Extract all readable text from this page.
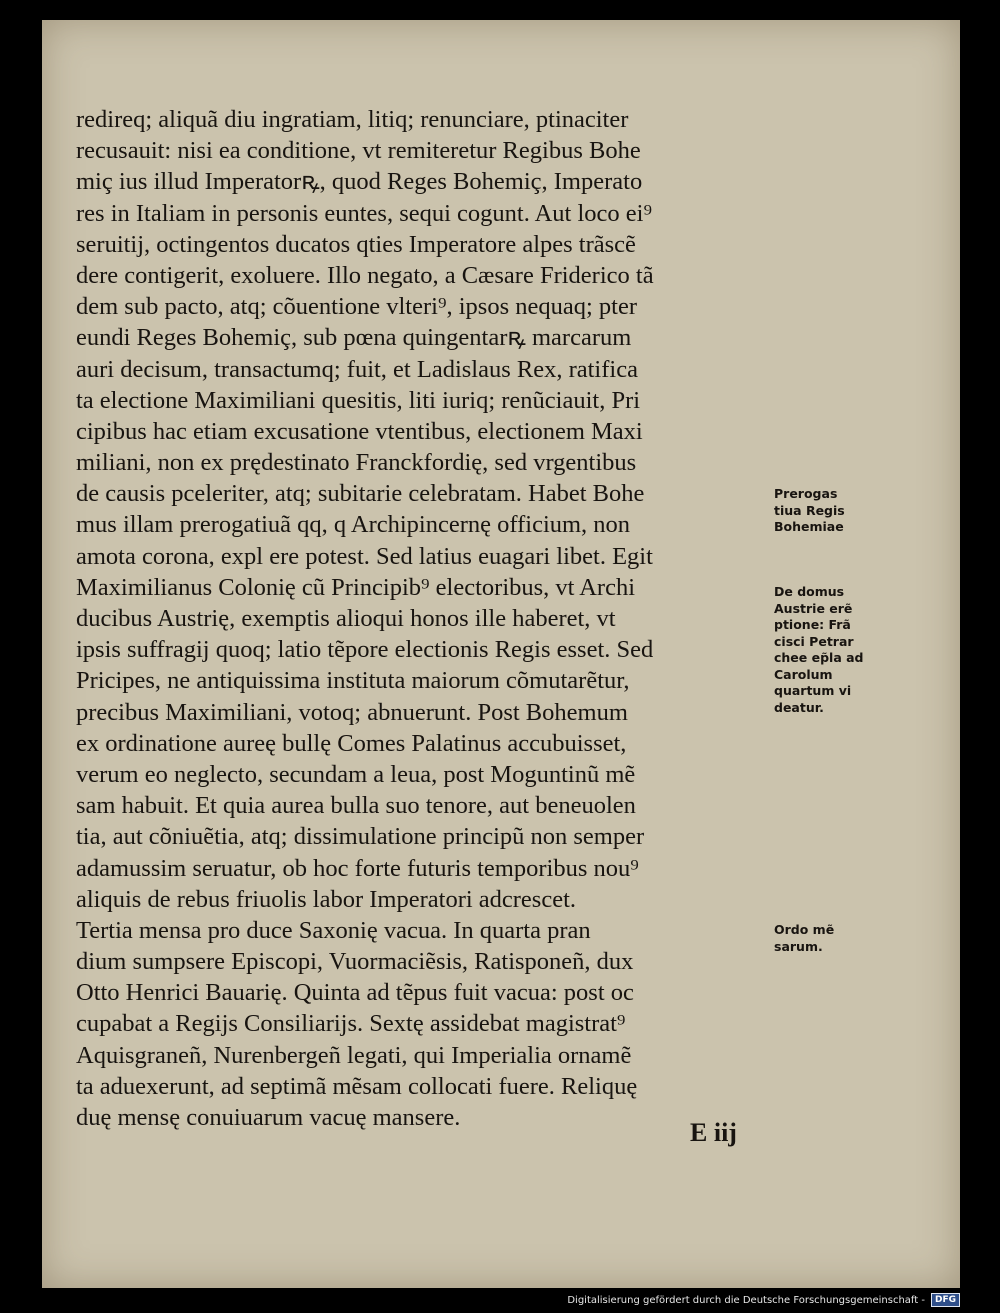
redireq; aliquã diu ingratiam, litiq; renunciare, ptinaciter
recusauit: nisi ea conditione, vt remiteretur Regibus Bohe
miç ius illud Imperatorꝶ, quod Reges Bohemiç, Imperato
res in Italiam in personis euntes, sequi cogunt. Aut loco ei⁹
seruitij, octingentos ducatos qties Imperatore alpes trãscẽ
dere contigerit, exoluere. Illo negato, a Cæsare Friderico tã
dem sub pacto, atq; cõuentione vlteri⁹, ipsos nequaq; pter
eundi Reges Bohemiç, sub pœna quingentarꝶ marcarum
auri decisum, transactumq; fuit, et Ladislaus Rex, ratifica
ta electione Maximiliani quesitis, liti iuriq; renũciauit, Pri
cipibus hac etiam excusatione vtentibus, electionem Maxi
miliani, non ex prędestinato Franckfordię, sed vrgentibus
de causis pceleriter, atq; subitarie celebratam. Habet Bohe
mus illam prerogatiuã qq, q Archipincernę officium, non
amota corona, expl ere potest. Sed latius euagari libet. Egit
Maximilianus Colonię cũ Principib⁹ electoribus, vt Archi
ducibus Austrię, exemptis alioqui honos ille haberet, vt
ipsis suffragij quoq; latio tẽpore electionis Regis esset. Sed
Pricipes, ne antiquissima instituta maiorum cõmutarẽtur,
precibus Maximiliani, votoq; abnuerunt. Post Bohemum
ex ordinatione aureę bullę Comes Palatinus accubuisset,
verum eo neglecto, secundam a leua, post Moguntinũ mẽ
sam habuit. Et quia aurea bulla suo tenore, aut beneuolen
tia, aut cõniuẽtia, atq; dissimulatione principũ non semper
adamussim seruatur, ob hoc forte futuris temporibus nou⁹
aliquis de rebus friuolis labor Imperatori adcrescet.
Tertia mensa pro duce Saxonię vacua. In quarta pran
dium sumpsere Episcopi, Vuormaciẽsis, Ratisponeñ, dux
Otto Henrici Bauarię. Quinta ad tẽpus fuit vacua: post oc
cupabat a Regijs Consiliarijs. Sextę assidebat magistrat⁹
Aquisgraneñ, Nurenbergeñ legati, qui Imperialia ornamẽ
ta aduexerunt, ad septimã mẽsam collocati fuere. Reliquę
duę mensę conuiuarum vacuę mansere.
Prerogas
tiua Regis
Bohemiae
De domus
Austrie erẽ
ptione: Frã
cisci Petrar
chee ep̃la ad
Carolum
quartum vi
deatur.
Ordo mẽ
sarum.
E iij
Digitalisierung gefördert durch die Deutsche Forschungsgemeinschaft -	DFG
